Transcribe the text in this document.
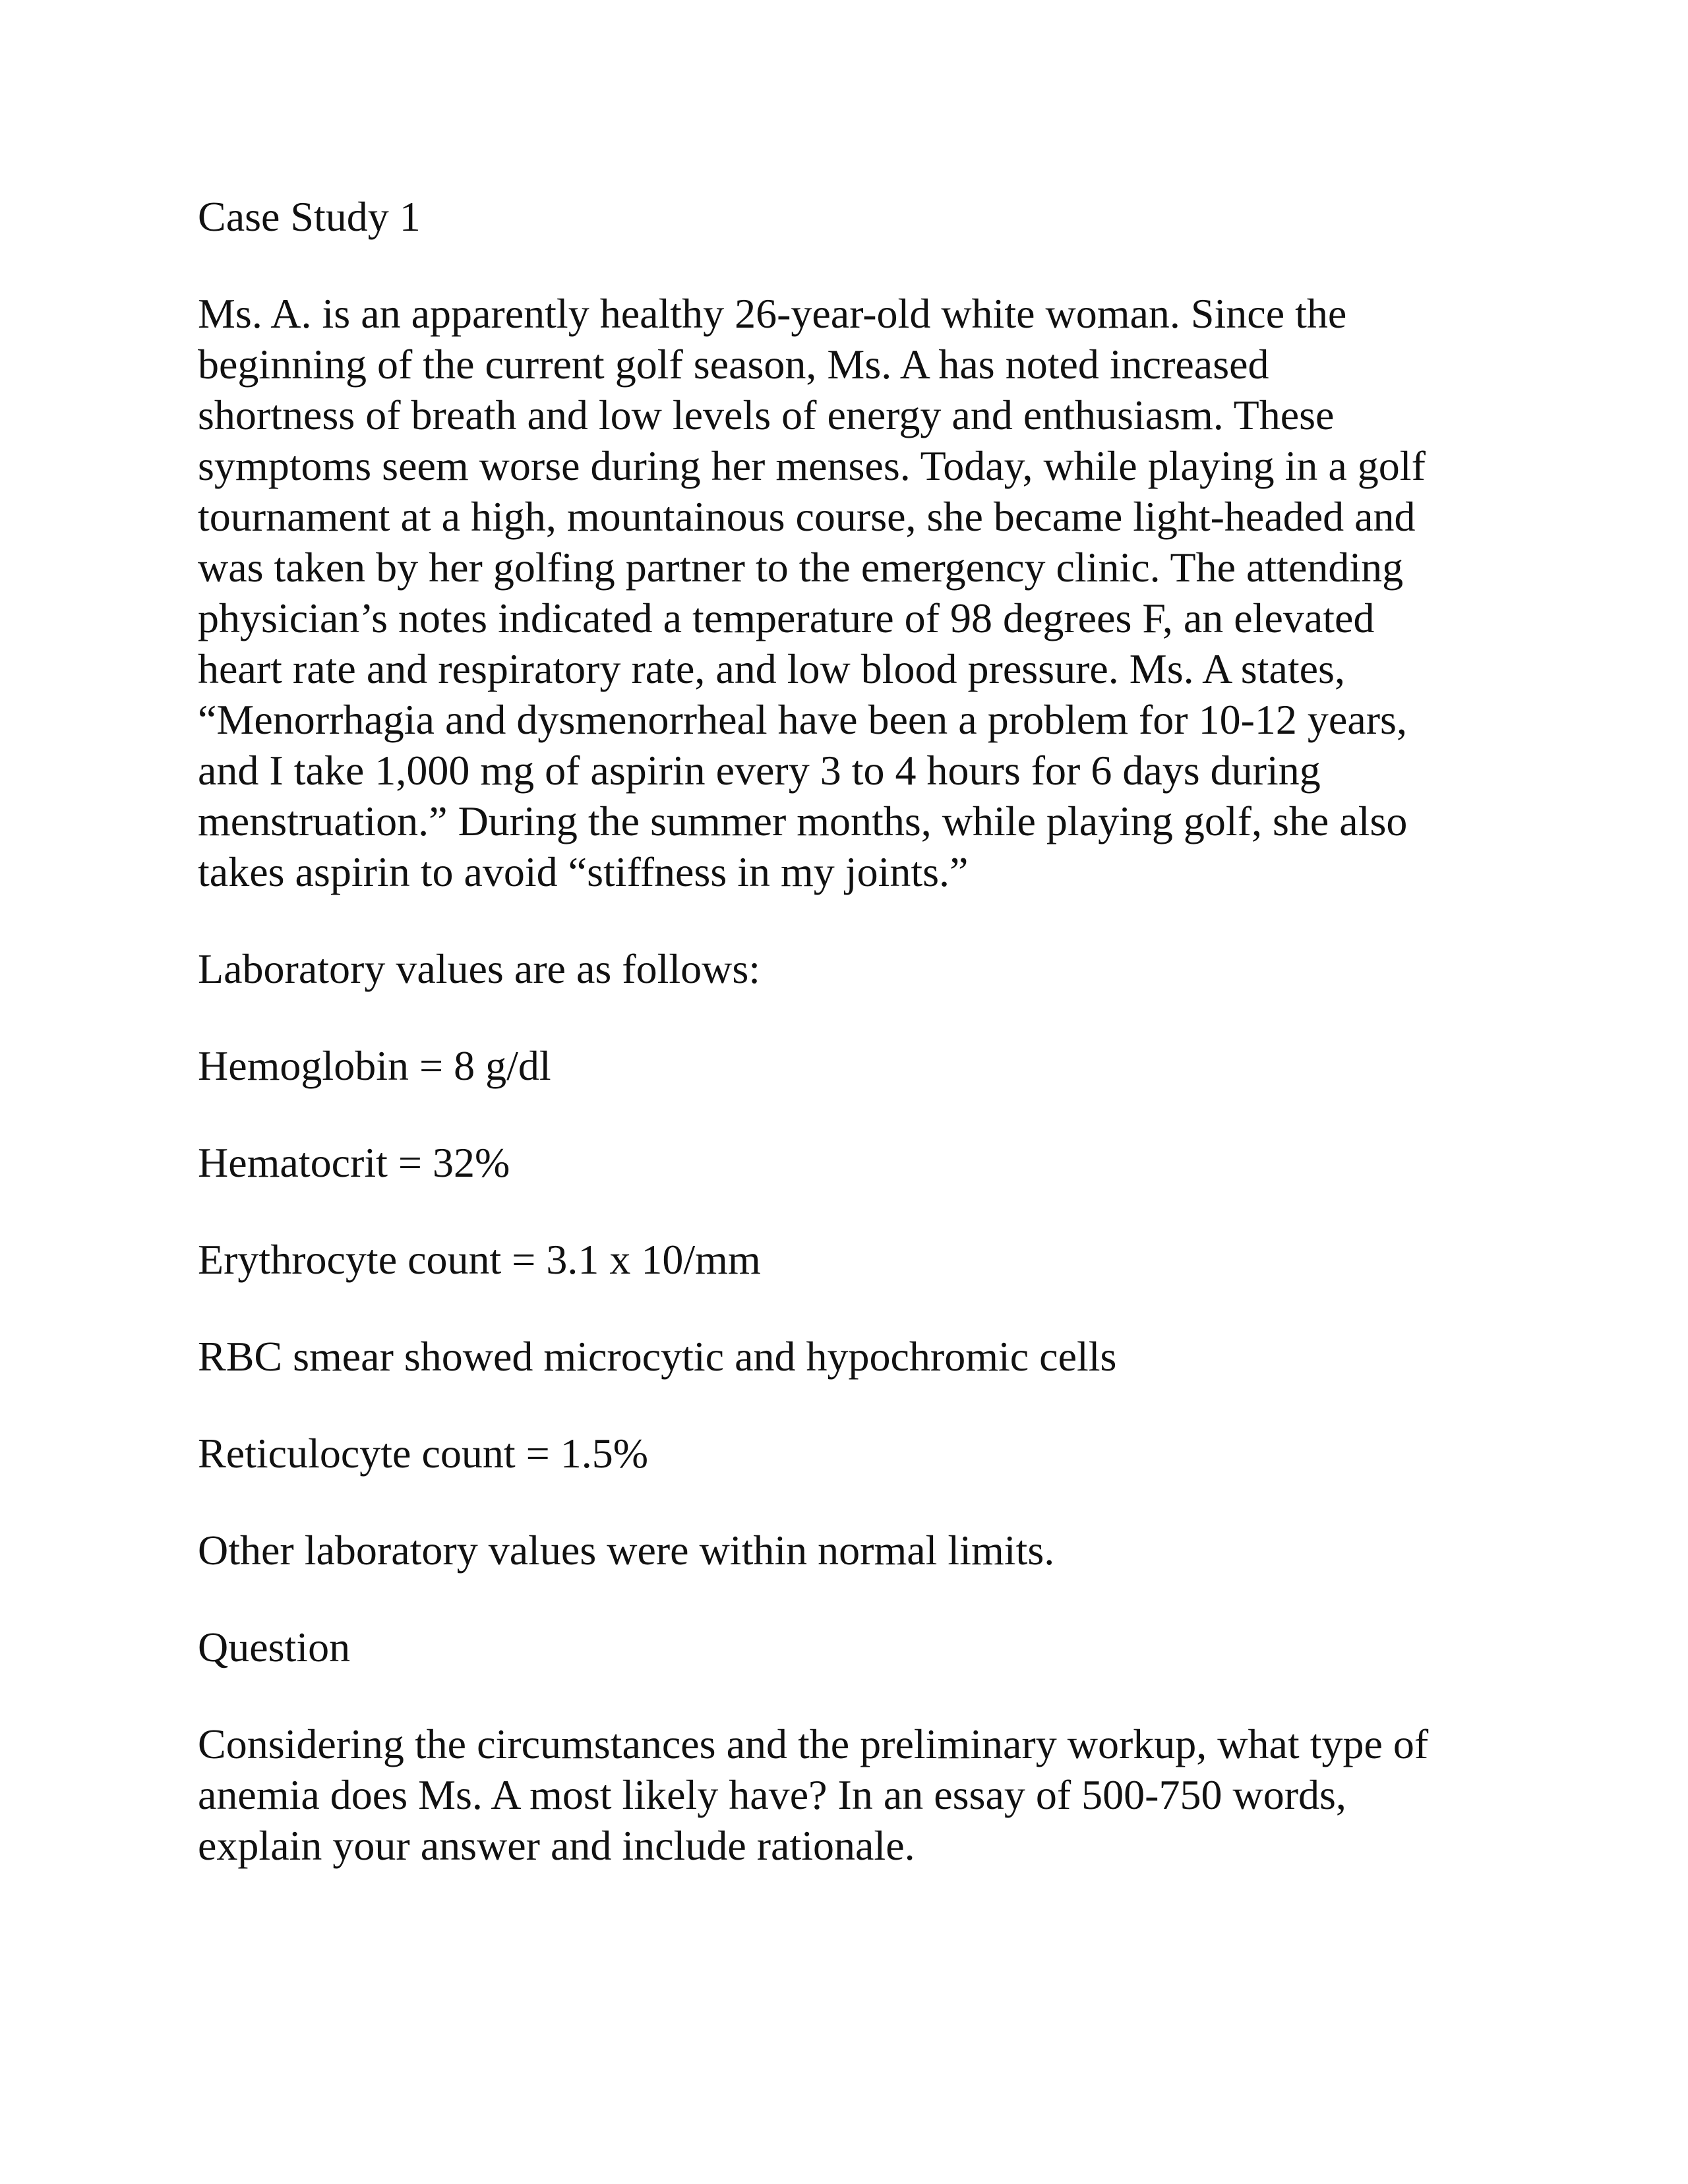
Case Study 1

Ms. A. is an apparently healthy 26-year-old white woman. Since the
beginning of the current golf season, Ms. A has noted increased
shortness of breath and low levels of energy and enthusiasm. These
symptoms seem worse during her menses. Today, while playing in a golf
tournament at a high, mountainous course, she became light-headed and
was taken by her golfing partner to the emergency clinic. The attending
physician’s notes indicated a temperature of 98 degrees F, an elevated
heart rate and respiratory rate, and low blood pressure. Ms. A states,
“Menorrhagia and dysmenorrheal have been a problem for 10-12 years,
and I take 1,000 mg of aspirin every 3 to 4 hours for 6 days during
menstruation.” During the summer months, while playing golf, she also
takes aspirin to avoid “stiffness in my joints.”

Laboratory values are as follows:

Hemoglobin = 8 g/dl

Hematocrit = 32%

Erythrocyte count = 3.1 x 10/mm

RBC smear showed microcytic and hypochromic cells

Reticulocyte count = 1.5%

Other laboratory values were within normal limits.

Question

Considering the circumstances and the preliminary workup, what type of
anemia does Ms. A most likely have? In an essay of 500-750 words,
explain your answer and include rationale.
